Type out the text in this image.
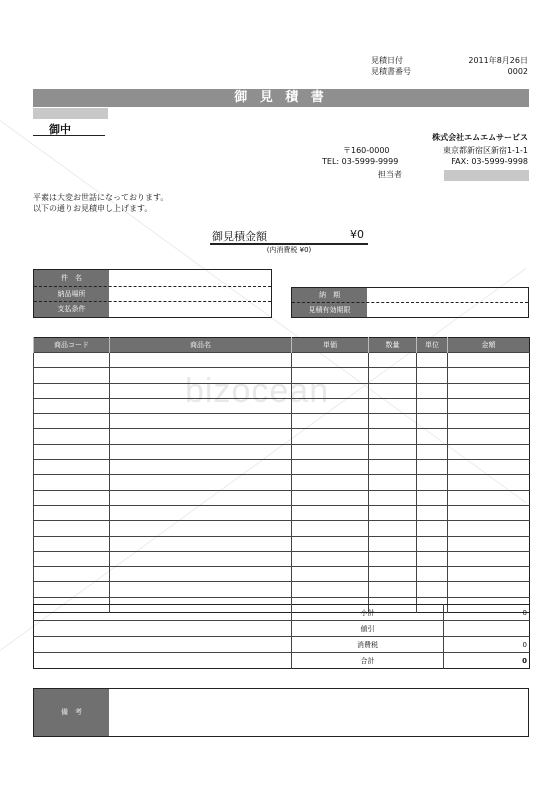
bizocean
見積日付	2011年8月26日
見積書番号	0002
御 見 積 書
御中
株式会社エムエムサービス
〒160-0000	東京都新宿区新宿1-1-1
TEL: 03-5999-9999	FAX: 03-5999-9998
担当者
平素は大変お世話になっております。
以下の通りお見積申し上げます。
御見積金額	¥0
(内消費税 ¥0)
件　名
納品場所
支払条件
納　期
見積有効期限
商品コード	商品名	単価	数量	単位	金額

	小計	0
	値引	
	消費税	0
	合計	0
備　考
